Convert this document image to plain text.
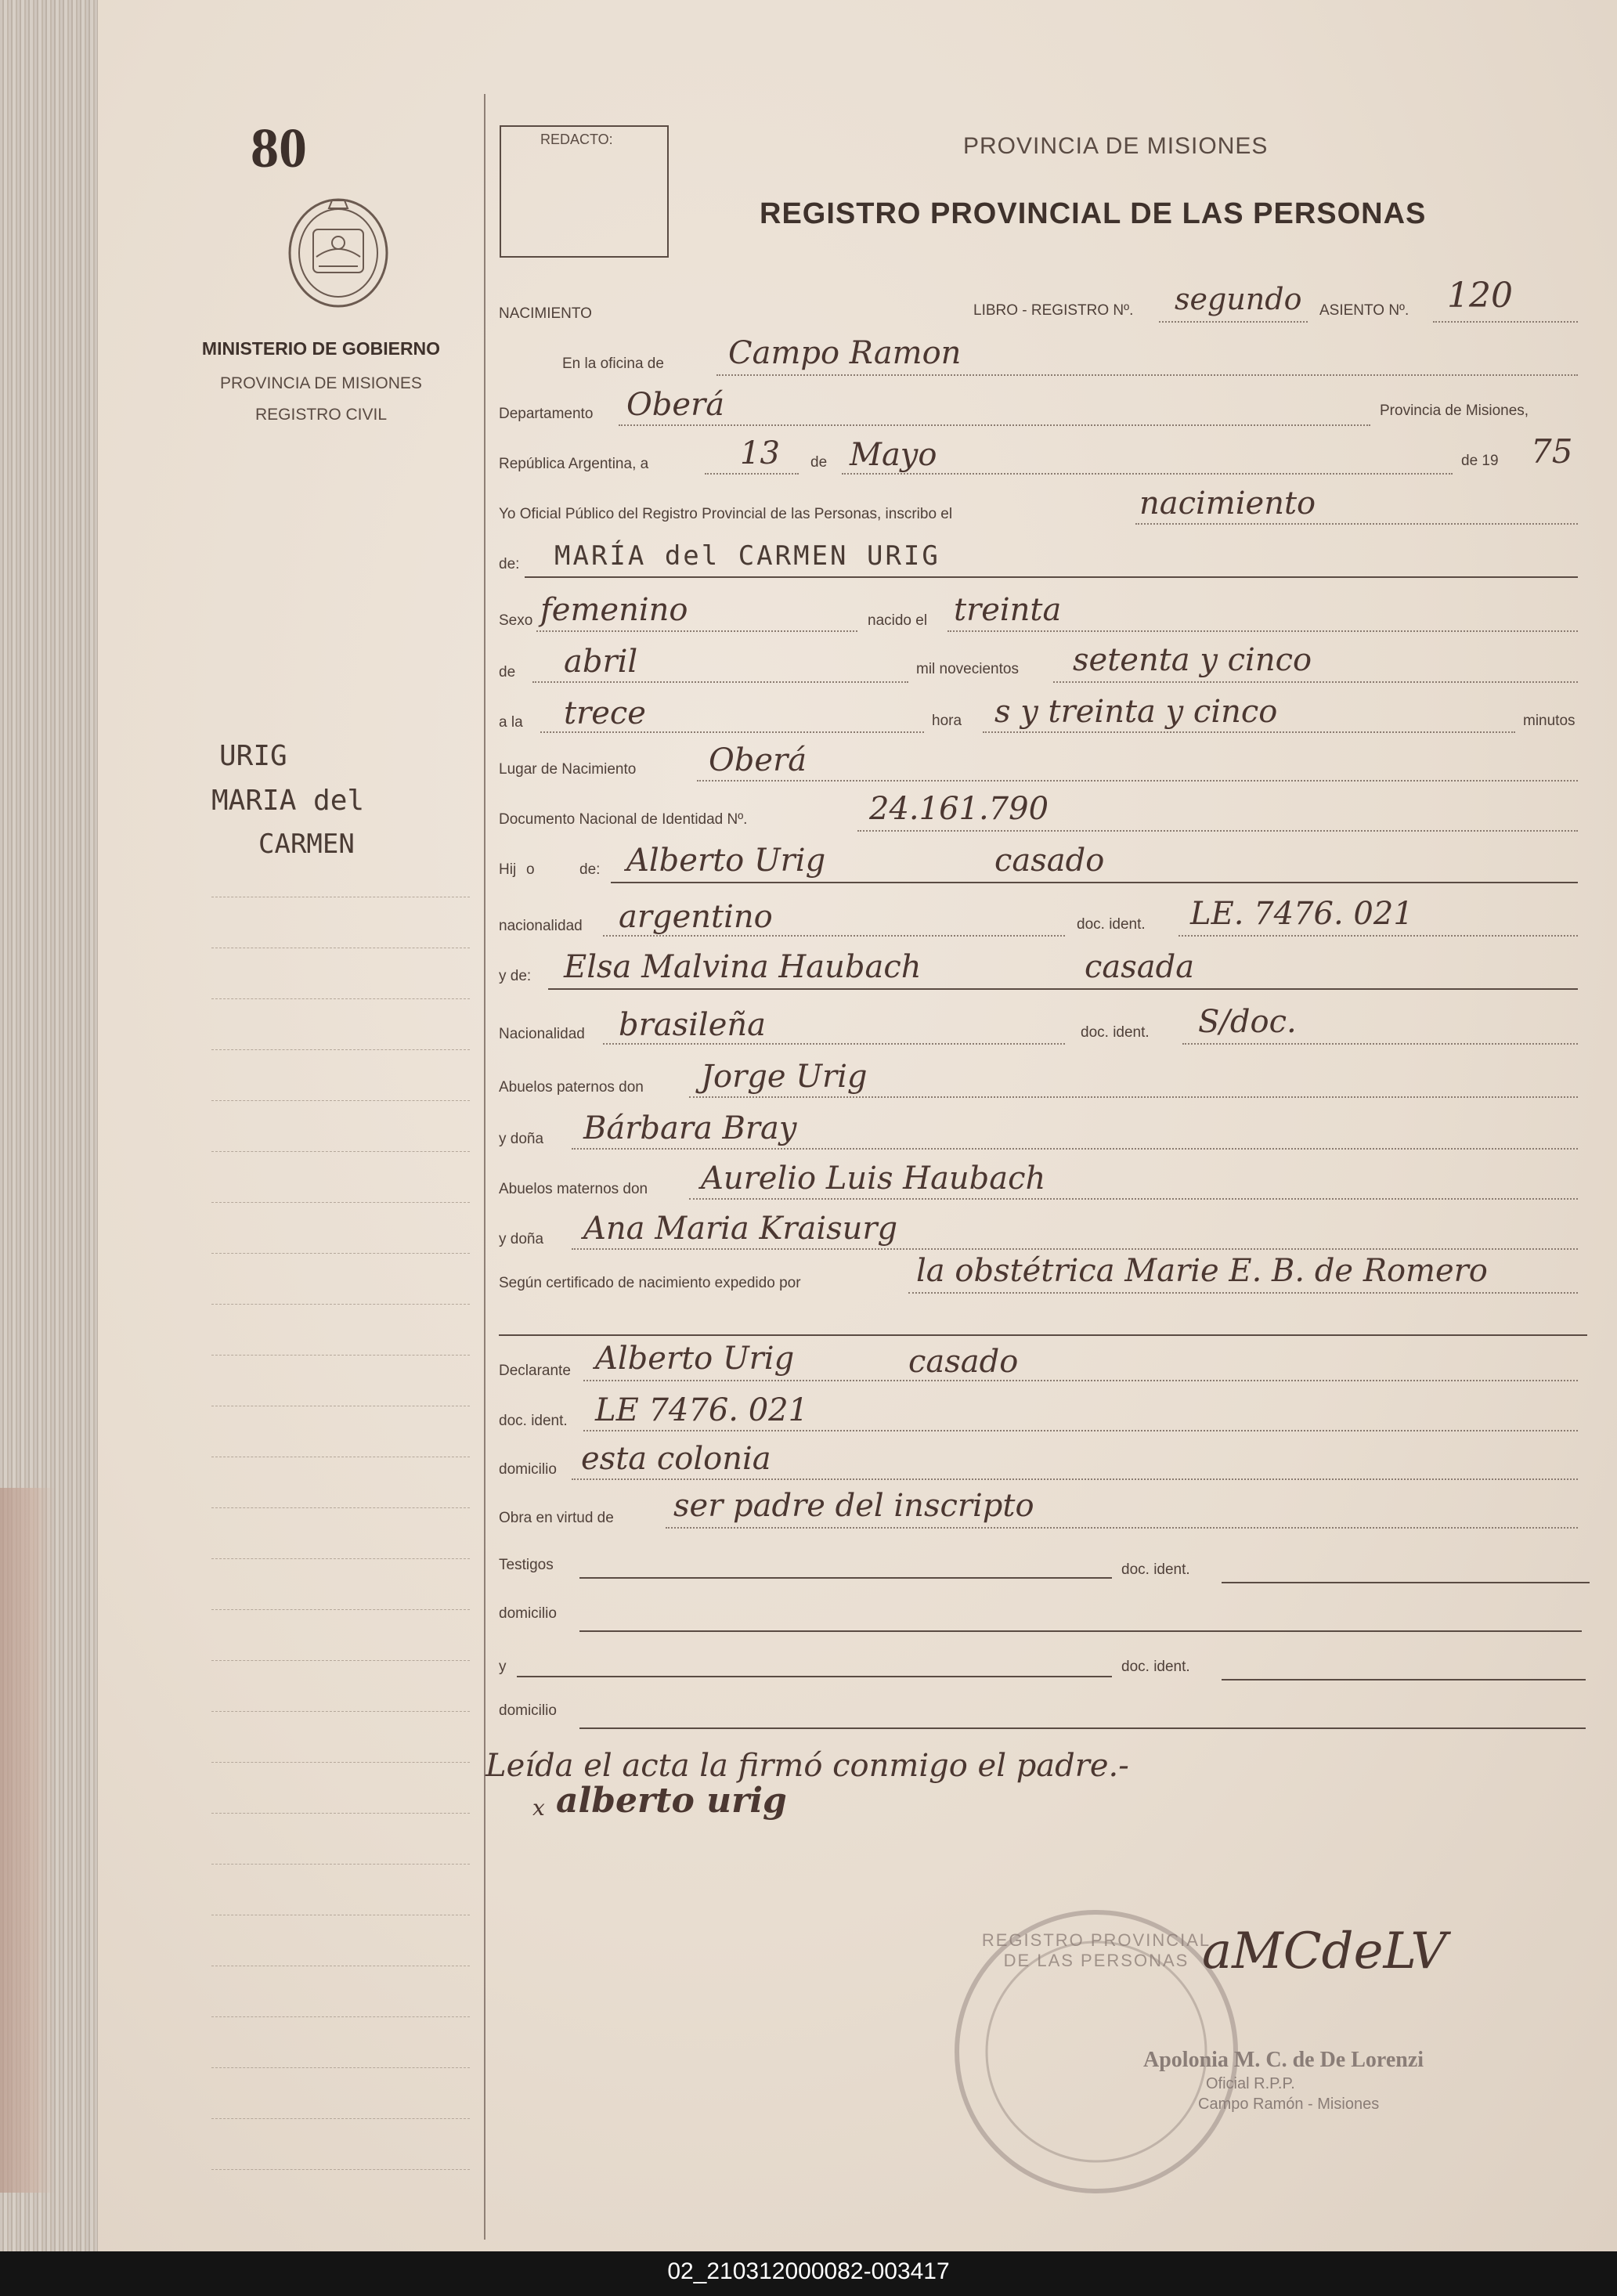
80
MINISTERIO DE GOBIERNO
PROVINCIA DE MISIONES
REGISTRO CIVIL
URIG
MARIA del
CARMEN
REDACTO:	PROVINCIA DE MISIONES
REGISTRO PROVINCIAL DE LAS PERSONAS
NACIMIENTO	LIBRO - REGISTRO Nº. segundo ASIENTO Nº. 120
En la oficina de Campo Ramon
Departamento Oberá	Provincia de Misiones,
República Argentina, a	13 de Mayo	de 19 75
Yo Oficial Público del Registro Provincial de las Personas, inscribo el	nacimiento
de: MARÍA del CARMEN URIG
Sexo femenino	nacido el treinta
de abril	mil novecientos setenta y cinco
a la trece	hora s y treinta y cinco	minutos
Lugar de Nacimiento Oberá
Documento Nacional de Identidad Nº.	24.161.790
Hij o	de: Alberto Urig	casado
nacionalidad argentino	doc. ident. LE. 7476. 021
y de: Elsa Malvina Haubach	casada
Nacionalidad brasileña	doc. ident. S/doc.
Abuelos paternos don Jorge Urig
y doña Bárbara Bray
Abuelos maternos don Aurelio Luis Haubach
y doña Ana Maria Kraisurg
Según certificado de nacimiento expedido por	la obstétrica Marie E. B. de Romero
Declarante Alberto Urig	casado
doc. ident. LE 7476. 021
domicilio esta colonia
Obra en virtud de ser padre del inscripto
Testigos	doc. ident.
domicilio
y	doc. ident.
domicilio
Leída el acta la firmó conmigo el padre.-
x alberto urig
REGISTRO PROVINCIAL DE LAS PERSONAS aMCdeLV
Apolonia M. C. de De Lorenzi
Oficial R.P.P.
Campo Ramón - Misiones
02_210312000082-003417
